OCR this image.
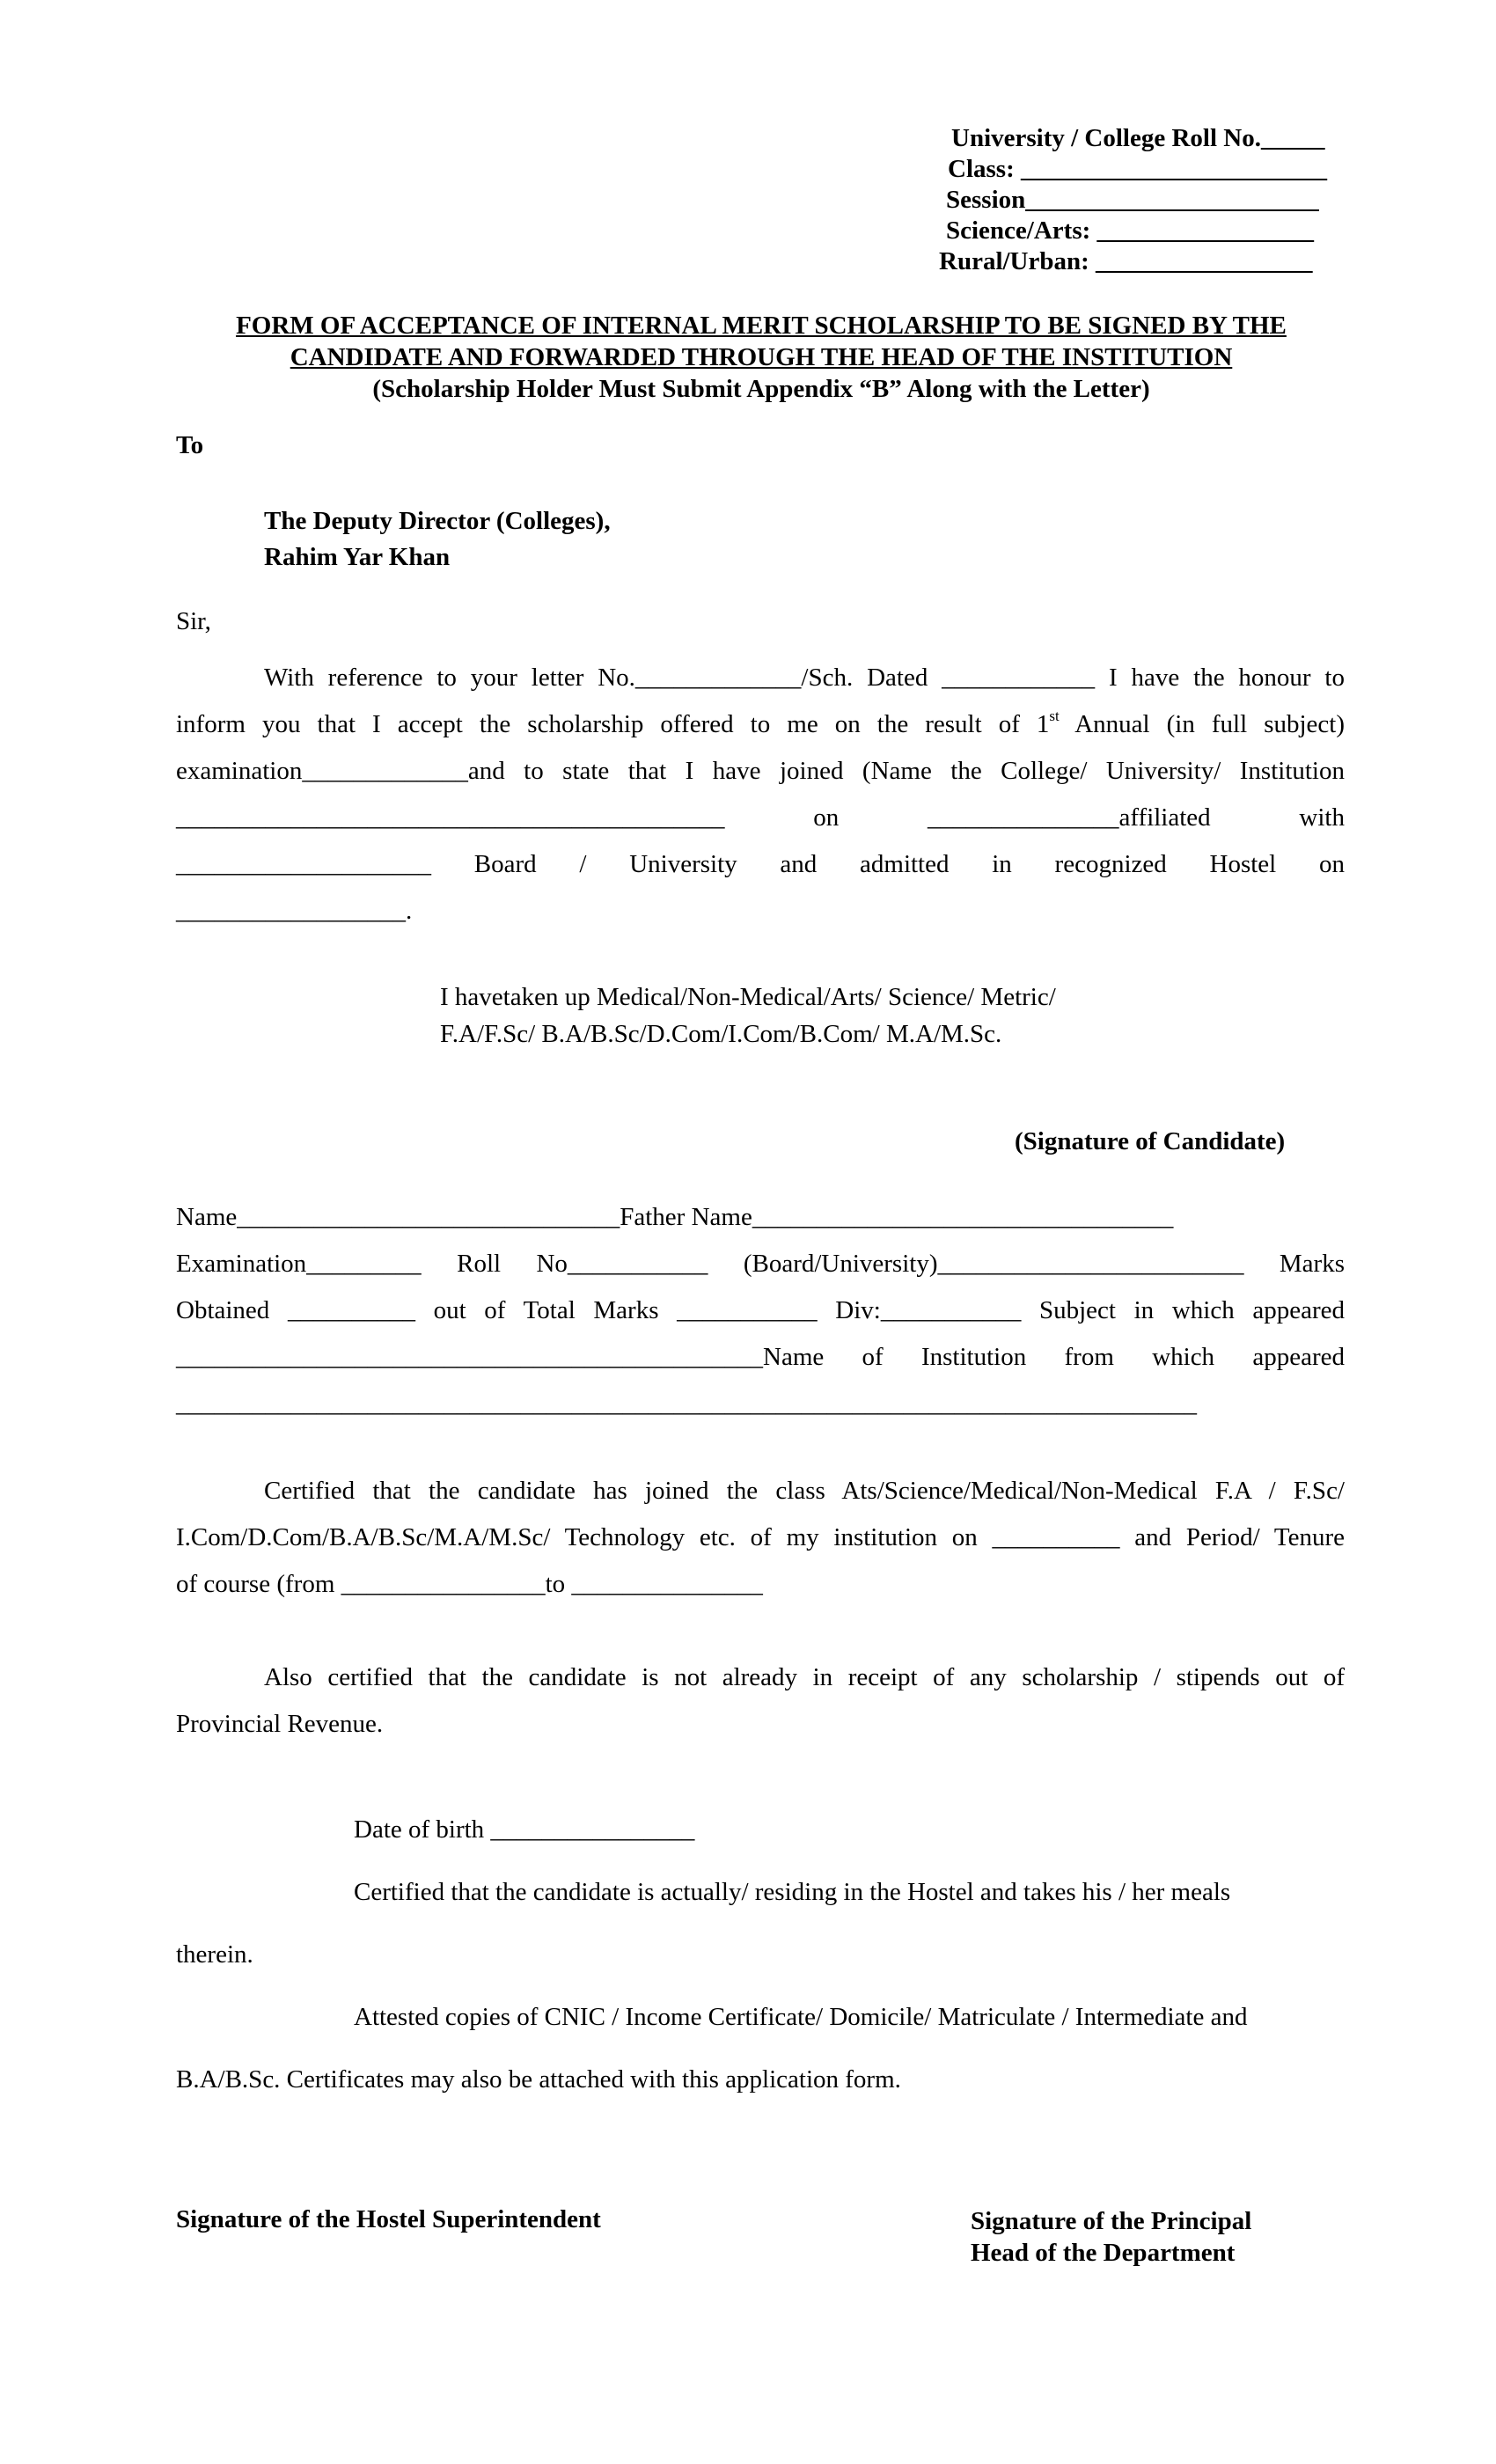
University / College Roll No._____
Class: ________________________
Session_______________________
Science/Arts: _________________
Rural/Urban: _________________
FORM OF ACCEPTANCE OF INTERNAL MERIT SCHOLARSHIP TO BE SIGNED BY THE
CANDIDATE AND FORWARDED THROUGH THE HEAD OF THE INSTITUTION
(Scholarship Holder Must Submit Appendix “B” Along with the Letter)
To
The Deputy Director (Colleges),
Rahim Yar Khan
Sir,
With reference to your letter No._____________/Sch. Dated ____________ I have the honour to
inform you that I accept the scholarship offered to me on the result of 1st Annual (in full subject)
examination_____________and to state that I have joined (Name the College/ University/ Institution
___________________________________________ on _______________affiliated with
____________________ Board / University and admitted in recognized Hostel on
__________________.
I havetaken up Medical/Non-Medical/Arts/ Science/ Metric/
F.A/F.Sc/ B.A/B.Sc/D.Com/I.Com/B.Com/ M.A/M.Sc.
(Signature of Candidate)
Name______________________________Father Name_________________________________
Examination_________ Roll No___________ (Board/University)________________________ Marks
Obtained __________ out of Total Marks ___________ Div:___________ Subject in which appeared
______________________________________________Name of Institution from which appeared
________________________________________________________________________________
Certified that the candidate has joined the class Ats/Science/Medical/Non-Medical F.A / F.Sc/
I.Com/D.Com/B.A/B.Sc/M.A/M.Sc/ Technology etc. of my institution on __________ and Period/ Tenure
of course (from ________________to _______________
Also certified that the candidate is not already in receipt of any scholarship / stipends out of
Provincial Revenue.
Date of birth ________________
Certified that the candidate is actually/ residing in the Hostel and takes his / her meals
therein.
Attested copies of CNIC / Income Certificate/ Domicile/ Matriculate / Intermediate and
B.A/B.Sc. Certificates may also be attached with this application form.
Signature of the Hostel Superintendent	Signature of the Principal
Head of the Department
